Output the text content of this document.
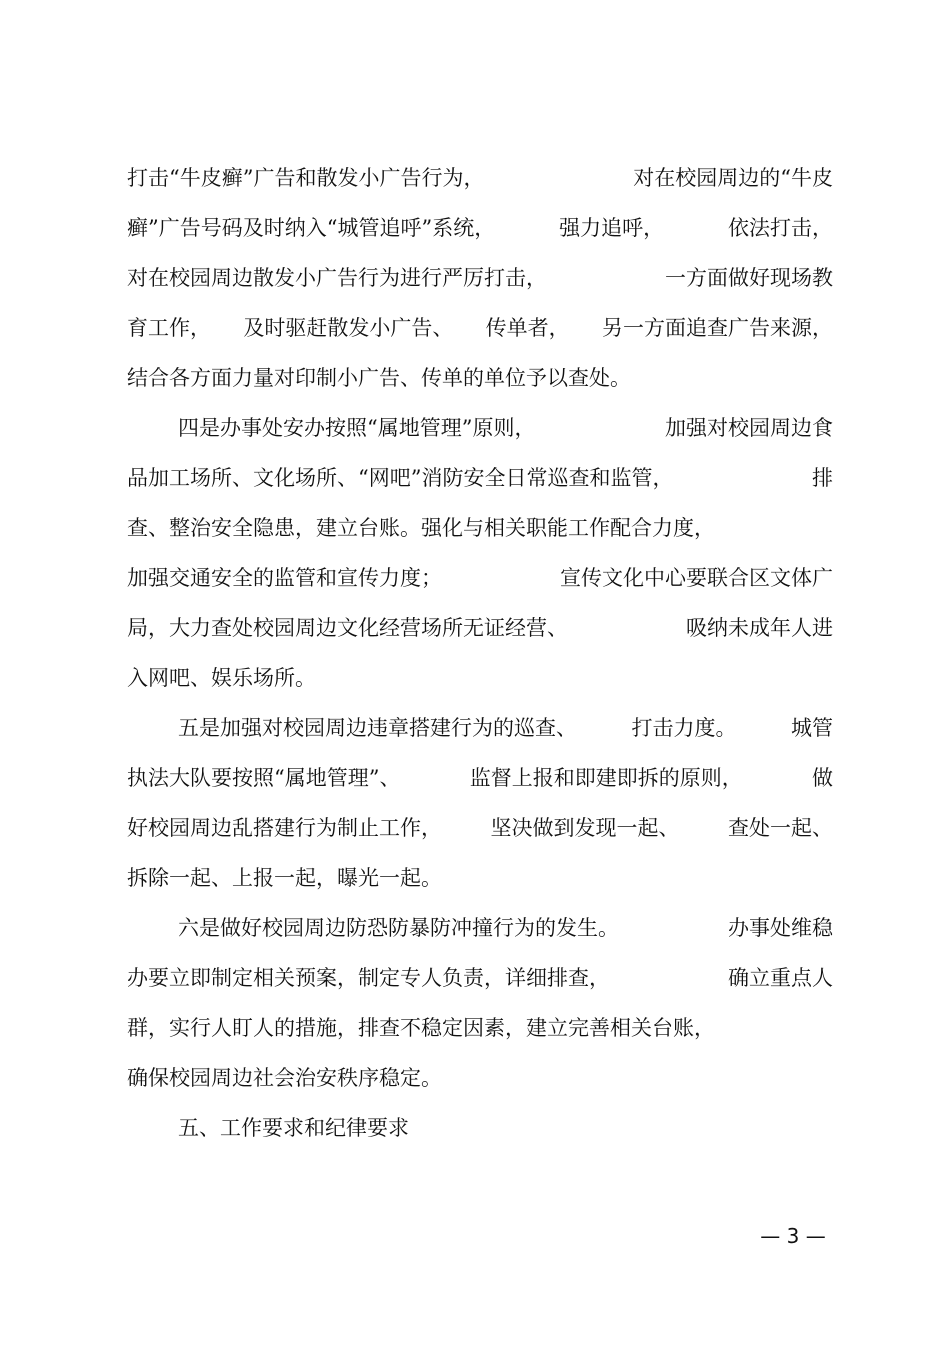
打击“牛皮癣”广告和散发小广告行为，	对在校园周边的“牛皮
癣”广告号码及时纳入“城管追呼”系统，	强力追呼，	依法打击，
对在校园周边散发小广告行为进行严厉打击，	一方面做好现场教
育工作， 及时驱赶散发小广告、 传单者， 另一方面追查广告来源，
结合各方面力量对印制小广告、传单的单位予以查处。
四是办事处安办按照“属地管理”原则，	加强对校园周边食
品加工场所、文化场所、“网吧”消防安全日常巡查和监管，	排
查、整治安全隐患，建立台账。强化与相关职能工作配合力度，
加强交通安全的监管和宣传力度；	宣传文化中心要联合区文体广
局，大力查处校园周边文化经营场所无证经营、	吸纳未成年人进
入网吧、娱乐场所。
五是加强对校园周边违章搭建行为的巡查、	打击力度。	城管
执法大队要按照“属地管理”、	监督上报和即建即拆的原则，	做
好校园周边乱搭建行为制止工作， 坚决做到发现一起、 查处一起、
拆除一起、上报一起，曝光一起。
六是做好校园周边防恐防暴防冲撞行为的发生。	办事处维稳
办要立即制定相关预案，制定专人负责，详细排查，	确立重点人
群，实行人盯人的措施，排查不稳定因素，建立完善相关台账，
确保校园周边社会治安秩序稳定。
五、工作要求和纪律要求
— 3 —
